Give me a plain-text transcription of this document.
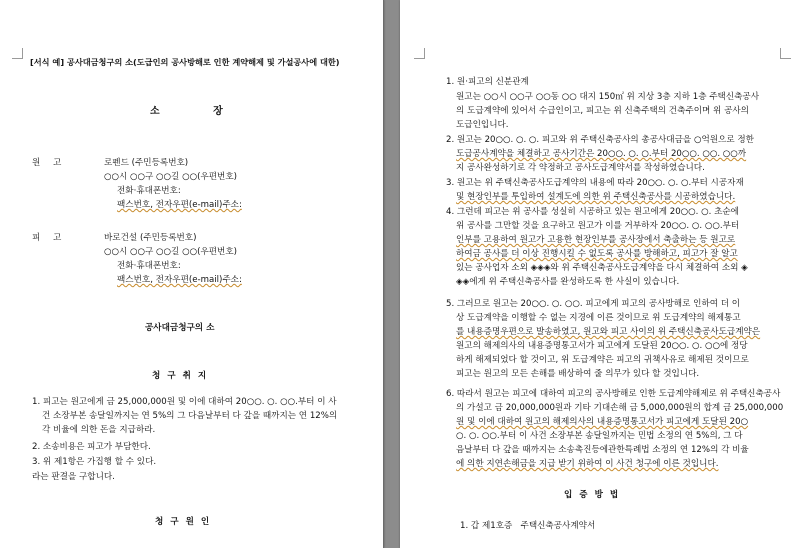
[서식 예] 공사대금청구의 소(도급인의 공사방해로 인한 계약해제 및 가설공사에 대한)
소 장
원 고	로펜드 (주민등록번호)
○○시 ○○구 ○○길 ○○(우편번호)
전화·휴대폰번호:
팩스번호, 전자우편(e-mail)주소:
피 고	바로건설 (주민등록번호)
○○시 ○○구 ○○길 ○○(우편번호)
전화·휴대폰번호:
팩스번호, 전자우편(e-mail)주소:
공사대금청구의 소
청 구 취 지
1. 피고는 원고에게 금 25,000,000원 및 이에 대하여 20○○. ○. ○○.부터 이 사
건 소장부본 송달일까지는 연 5%의 그 다음날부터 다 갚을 때까지는 연 12%의
각 비율에 의한 돈을 지급하라.
2. 소송비용은 피고가 부담한다.
3. 위 제1항은 가집행 할 수 있다.
라는 판결을 구합니다.
청 구 원 인
1. 원·피고의 신분관계
원고는 ○○시 ○○구 ○○동 ○○ 대지 150㎡ 위 지상 3층 지하 1층 주택신축공사
의 도급계약에 있어서 수급인이고, 피고는 위 신축주택의 건축주이며 위 공사의
도급인입니다.
2. 원고는 20○○. ○. ○. 피고와 위 주택신축공사의 총공사대금을 ○억원으로 정한
도급공사계약을 체결하고 공사기간은 20○○. ○. ○.부터 20○○. ○○. ○○까
지 공사완성하기로 각 약정하고 공사도급계약서를 작성하였습니다.
3. 원고는 위 주택신축공사도급계약의 내용에 따라 20○○. ○. ○.부터 시공자재
및 현장인부를 투입하여 설계도에 의한 위 주택신축공사를 시공하였습니다.
4. 그런데 피고는 위 공사를 성실히 시공하고 있는 원고에게 20○○. ○. 초순에
위 공사를 그만할 것을 요구하고 원고가 이를 거부하자 20○○. ○. ○○.부터
인부를 고용하여 원고가 고용한 현장인부를 공사장에서 축출하는 등 원고로
하여금 공사를 더 이상 진행시킬 수 없도록 공사를 방해하고, 피고가 잘 알고
있는 공사업자 소외 ◈◈◈와 위 주택신축공사도급계약을 다시 체결하여 소외 ◈
◈◈에게 위 주택신축공사를 완성하도록 한 사실이 있습니다.
5. 그러므로 원고는 20○○. ○. ○○. 피고에게 피고의 공사방해로 인하여 더 이
상 도급계약을 이행할 수 없는 지경에 이른 것이므로 위 도급계약의 해제통고
를 내용증명우편으로 발송하였고, 원고와 피고 사이의 위 주택신축공사도급계약은
원고의 해제의사의 내용증명통고서가 피고에게 도달된 20○○. ○. ○○에 정당
하게 해제되었다 할 것이고, 위 도급계약은 피고의 귀책사유로 해제된 것이므로
피고는 원고의 모든 손해를 배상하여 줄 의무가 있다 할 것입니다.
6. 따라서 원고는 피고에 대하여 피고의 공사방해로 인한 도급계약해제로 위 주택신축공사
의 가설고 금 20,000,000원과 기타 기대손해 금 5,000,000원의 합계 금 25,000,000
원 및 이에 대하여 원고의 해제의사의 내용증명통고서가 피고에게 도달된 20○
○. ○. ○○.부터 이 사건 소장부본 송달일까지는 민법 소정의 연 5%의, 그 다
음날부터 다 갚을 때까지는 소송촉진등에관한특례법 소정의 연 12%의 각 비율
에 의한 지연손해금을 지급 받기 위하여 이 사건 청구에 이른 것입니다.
입 증 방 법
1. 갑 제1호증   주택신축공사계약서
